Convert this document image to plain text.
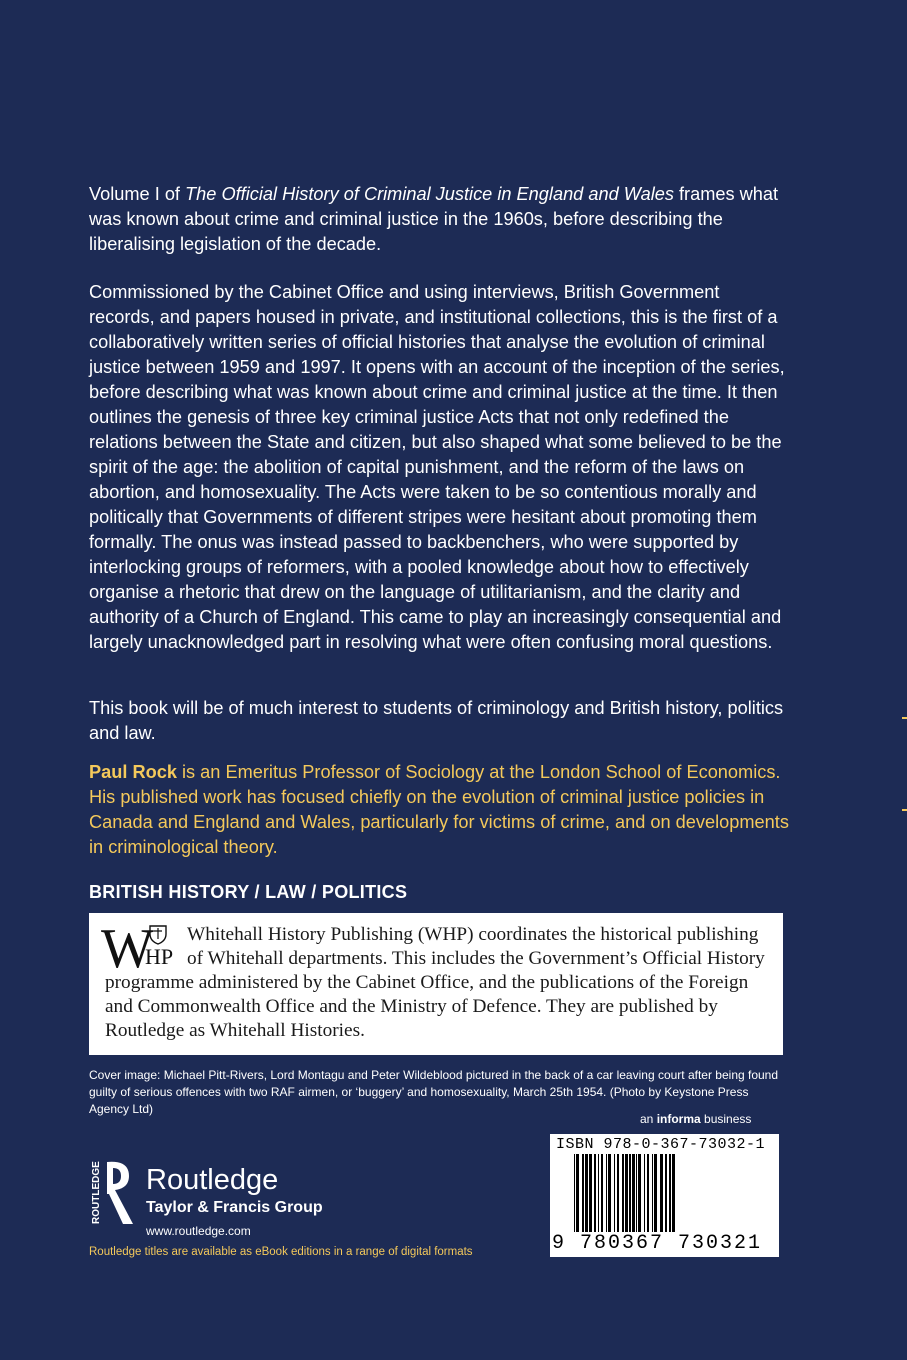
Volume I of The Official History of Criminal Justice in England and Wales frames what was known about crime and criminal justice in the 1960s, before describing the liberalising legislation of the decade.

Commissioned by the Cabinet Office and using interviews, British Government records, and papers housed in private, and institutional collections, this is the first of a collaboratively written series of official histories that analyse the evolution of criminal justice between 1959 and 1997. It opens with an account of the inception of the series, before describing what was known about crime and criminal justice at the time. It then outlines the genesis of three key criminal justice Acts that not only redefined the relations between the State and citizen, but also shaped what some believed to be the spirit of the age: the abolition of capital punishment, and the reform of the laws on abortion, and homosexuality. The Acts were taken to be so contentious morally and politically that Governments of different stripes were hesitant about promoting them formally. The onus was instead passed to backbenchers, who were supported by interlocking groups of reformers, with a pooled knowledge about how to effectively organise a rhetoric that drew on the language of utilitarianism, and the clarity and authority of a Church of England. This came to play an increasingly consequential and largely unacknowledged part in resolving what were often confusing moral questions.

This book will be of much interest to students of criminology and British history, politics and law.

Paul Rock is an Emeritus Professor of Sociology at the London School of Economics. His published work has focused chiefly on the evolution of criminal justice policies in Canada and England and Wales, particularly for victims of crime, and on developments in criminological theory.

BRITISH HISTORY / LAW / POLITICS
W HP

Whitehall History Publishing (WHP) coordinates the historical publishing of Whitehall departments. This includes the Government’s Official History programme administered by the Cabinet Office, and the publications of the Foreign and Commonwealth Office and the Ministry of Defence. They are published by Routledge as Whitehall Histories.

Cover image: Michael Pitt-Rivers, Lord Montagu and Peter Wildeblood pictured in the back of a car leaving court after being found guilty of serious offences with two RAF airmen, or ‘buggery’ and homosexuality, March 25th 1954. (Photo by Keystone Press Agency Ltd)

an informa business
ISBN 978-0-367-73032-1
9 780367 730321
ROUTLEDGE Routledge
Taylor & Francis Group
www.routledge.com
Routledge titles are available as eBook editions in a range of digital formats
